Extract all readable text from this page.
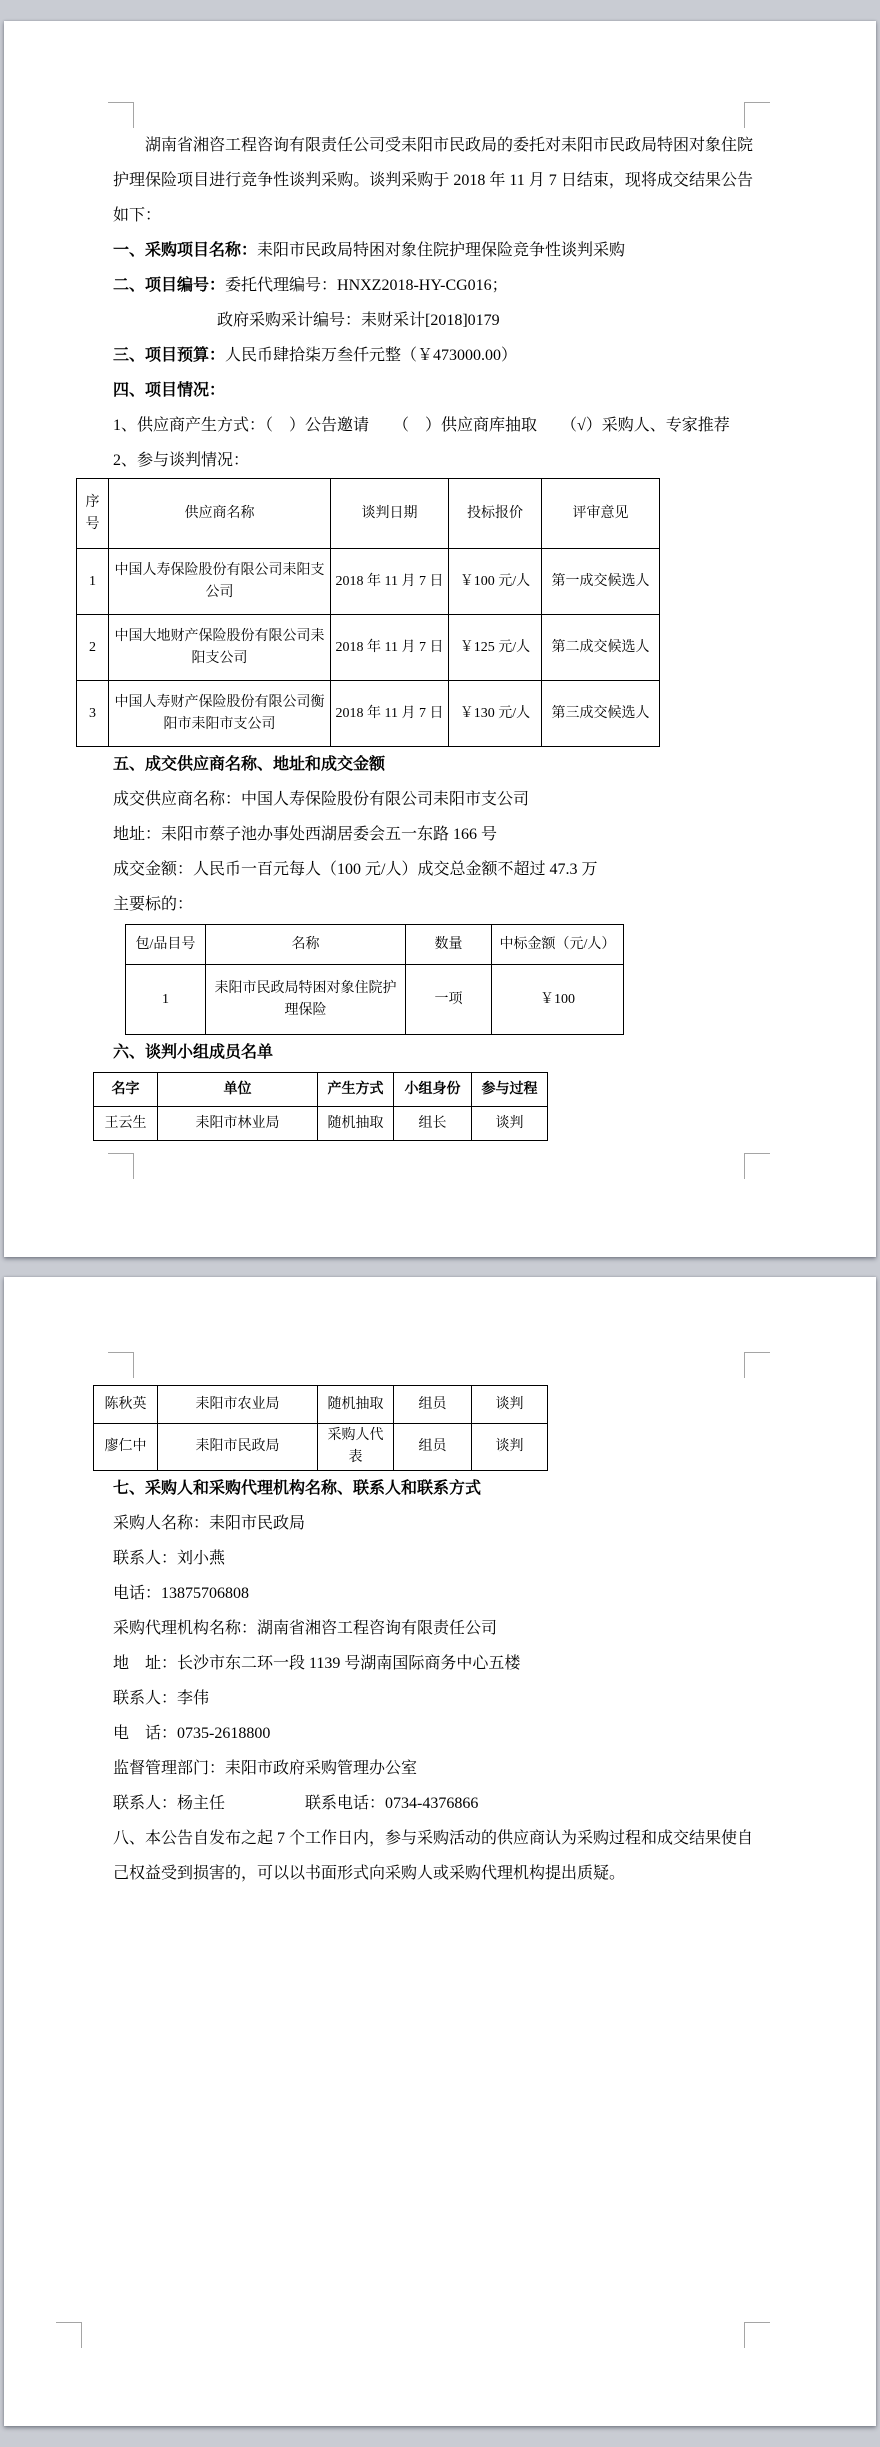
湖南省湘咨工程咨询有限责任公司受耒阳市民政局的委托对耒阳市民政局特困对象住院护理保险项目进行竞争性谈判采购。谈判采购于 2018 年 11 月 7 日结束，现将成交结果公告如下：

一、采购项目名称：耒阳市民政局特困对象住院护理保险竞争性谈判采购

二、项目编号：委托代理编号：HNXZ2018-HY-CG016；

政府采购采计编号：耒财采计[2018]0179

三、项目预算：人民币肆拾柒万叁仟元整（￥473000.00）

四、项目情况：

1、供应商产生方式：（　）公告邀请　　（　）供应商库抽取　　（√）采购人、专家推荐

2、参与谈判情况：

序号	供应商名称	谈判日期	投标报价	评审意见
1	中国人寿保险股份有限公司耒阳支公司	2018 年 11 月 7 日	￥100 元/人	第一成交候选人
2	中国大地财产保险股份有限公司耒阳支公司	2018 年 11 月 7 日	￥125 元/人	第二成交候选人
3	中国人寿财产保险股份有限公司衡阳市耒阳市支公司	2018 年 11 月 7 日	￥130 元/人	第三成交候选人

五、成交供应商名称、地址和成交金额

成交供应商名称：中国人寿保险股份有限公司耒阳市支公司

地址：耒阳市蔡子池办事处西湖居委会五一东路 166 号

成交金额：人民币一百元每人（100 元/人）成交总金额不超过 47.3 万

主要标的：

包/品目号	名称	数量	中标金额（元/人）
1	耒阳市民政局特困对象住院护理保险	一项	￥100

六、谈判小组成员名单

名字	单位	产生方式	小组身份	参与过程
王云生	耒阳市林业局	随机抽取	组长	谈判
陈秋英	耒阳市农业局	随机抽取	组员	谈判
廖仁中	耒阳市民政局	采购人代表	组员	谈判

七、采购人和采购代理机构名称、联系人和联系方式

采购人名称：耒阳市民政局

联系人：刘小燕

电话：13875706808

采购代理机构名称：湖南省湘咨工程咨询有限责任公司

地　址：长沙市东二环一段 1139 号湖南国际商务中心五楼

联系人：李伟

电　话：0735-2618800

监督管理部门：耒阳市政府采购管理办公室

联系人：杨主任　　　　　联系电话：0734-4376866

八、本公告自发布之起 7 个工作日内，参与采购活动的供应商认为采购过程和成交结果使自己权益受到损害的，可以以书面形式向采购人或采购代理机构提出质疑。
